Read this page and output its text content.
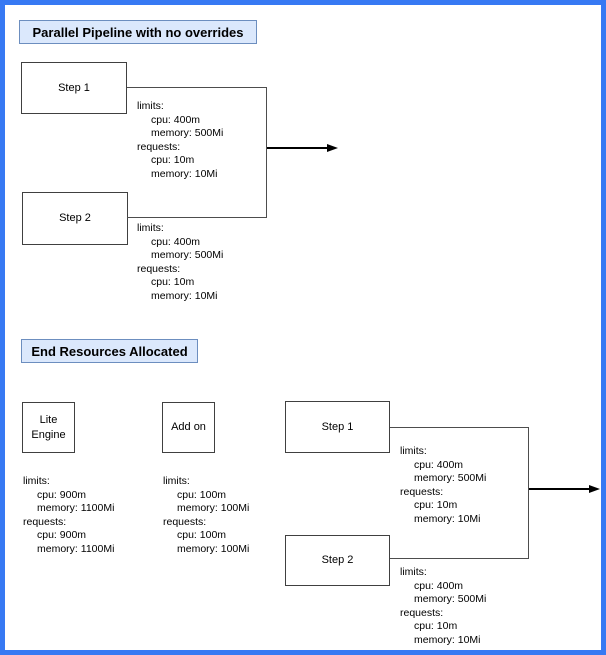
Parallel Pipeline with no overrides
Step 1
Step 2
limits:
cpu: 400m
memory: 500Mi
requests:
cpu: 10m
memory: 10Mi
limits:
cpu: 400m
memory: 500Mi
requests:
cpu: 10m
memory: 10Mi
End Resources Allocated
Lite Engine
Add on	Step 1
Step 2
limits:
cpu: 900m
memory: 1100Mi
requests:
cpu: 900m
memory: 1100Mi
limits:
cpu: 100m
memory: 100Mi
requests:
cpu: 100m
memory: 100Mi
limits:
cpu: 400m
memory: 500Mi
requests:
cpu: 10m
memory: 10Mi
limits:
cpu: 400m
memory: 500Mi
requests:
cpu: 10m
memory: 10Mi
